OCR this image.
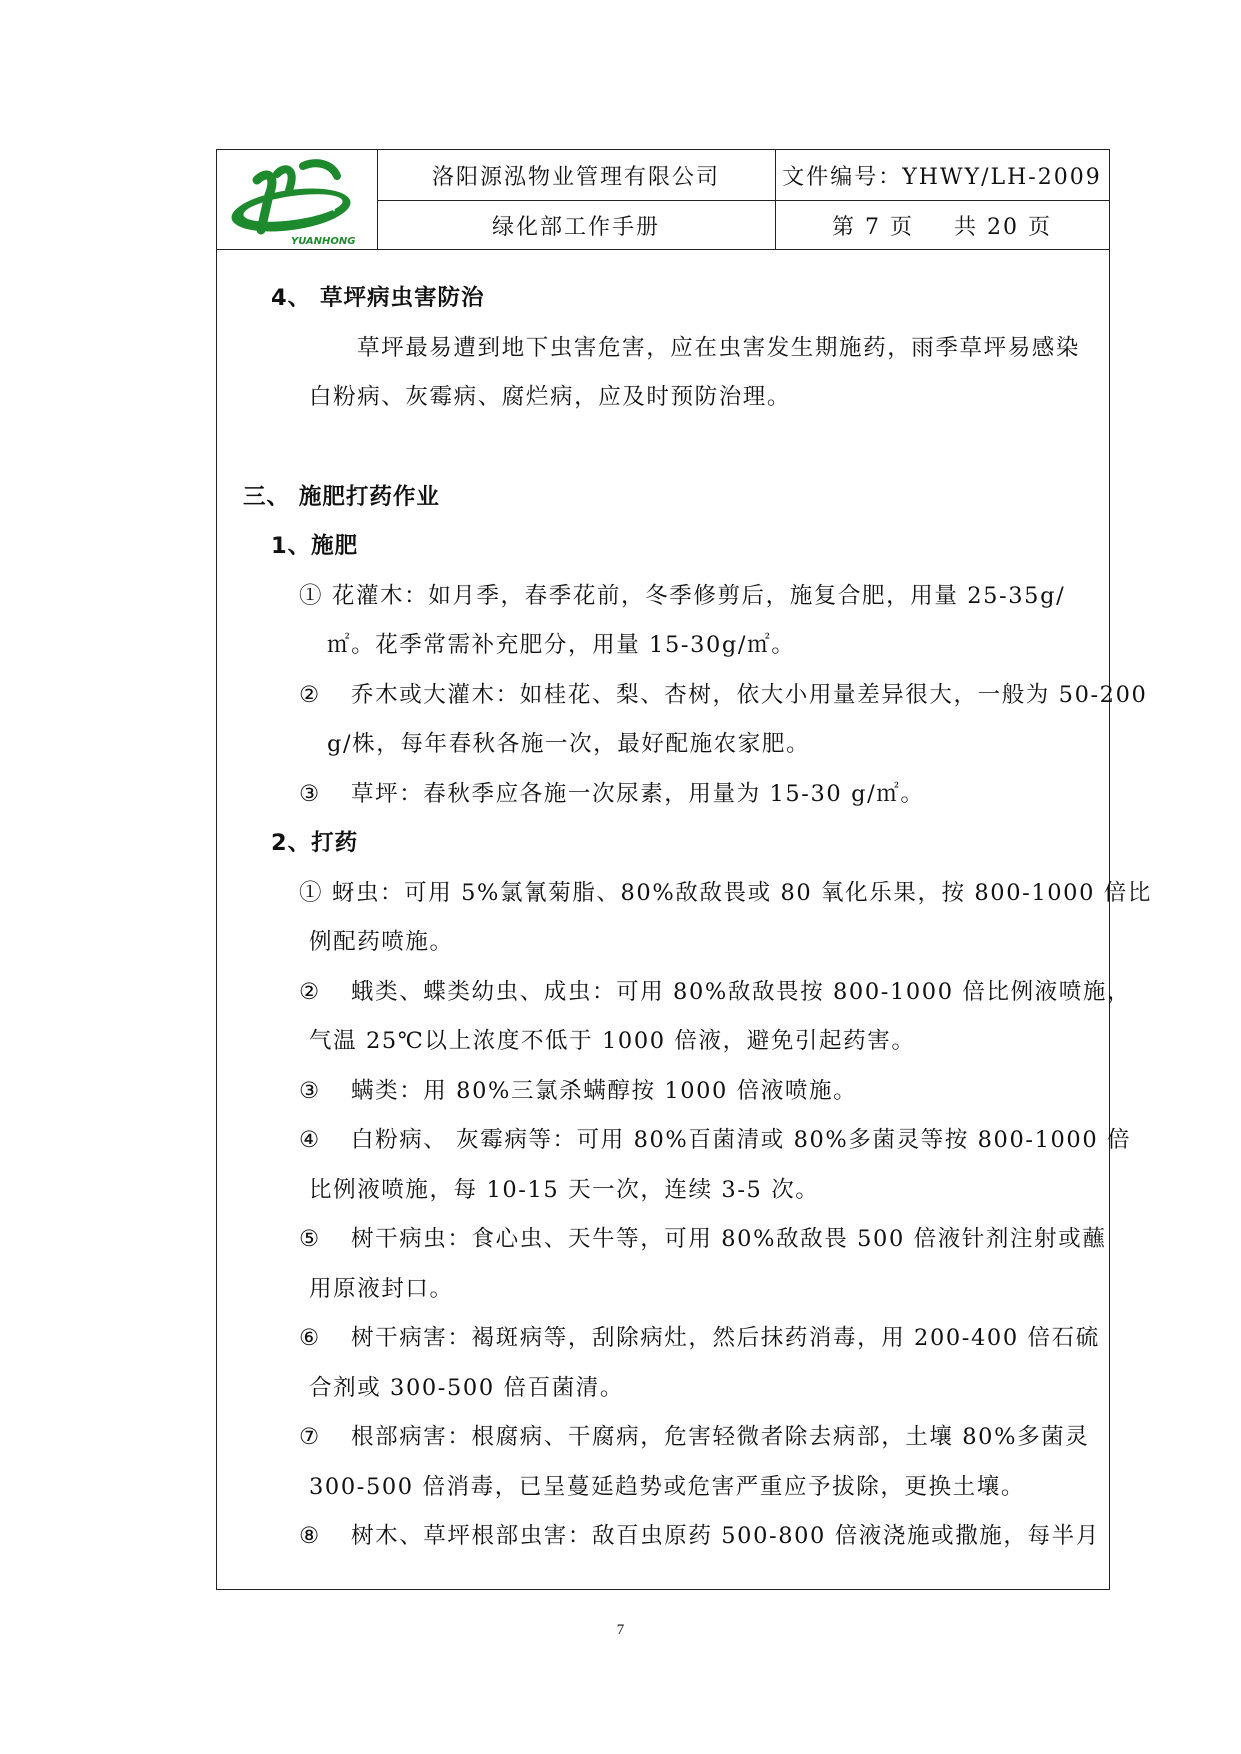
源泓
YUANHONG
洛阳源泓物业管理有限公司	文件编号：YHWY/LH-2009
绿化部工作手册	第 7 页 共 20 页
4、 草坪病虫害防治
草坪最易遭到地下虫害危害，应在虫害发生期施药，雨季草坪易感染
白粉病、灰霉病、腐烂病，应及时预防治理。
三、 施肥打药作业
1、施肥
① 花灌木：如月季，春季花前，冬季修剪后，施复合肥，用量 25-35g/
㎡。花季常需补充肥分，用量 15-30g/㎡。
② 乔木或大灌木：如桂花、梨、杏树，依大小用量差异很大，一般为 50-200
g/株，每年春秋各施一次，最好配施农家肥。
③ 草坪：春秋季应各施一次尿素，用量为 15-30 g/㎡。
2、打药
① 蚜虫：可用 5%氯氰菊脂、80%敌敌畏或 80 氧化乐果，按 800-1000 倍比
例配药喷施。
② 蛾类、蝶类幼虫、成虫：可用 80%敌敌畏按 800-1000 倍比例液喷施，
气温 25℃以上浓度不低于 1000 倍液，避免引起药害。
③ 螨类：用 80%三氯杀螨醇按 1000 倍液喷施。
④ 白粉病、 灰霉病等：可用 80%百菌清或 80%多菌灵等按 800-1000 倍
比例液喷施，每 10-15 天一次，连续 3-5 次。
⑤ 树干病虫：食心虫、天牛等，可用 80%敌敌畏 500 倍液针剂注射或蘸
用原液封口。
⑥ 树干病害：褐斑病等，刮除病灶，然后抹药消毒，用 200-400 倍石硫
合剂或 300-500 倍百菌清。
⑦ 根部病害：根腐病、干腐病，危害轻微者除去病部，土壤 80%多菌灵
300-500 倍消毒，已呈蔓延趋势或危害严重应予拔除，更换土壤。
⑧ 树木、草坪根部虫害：敌百虫原药 500-800 倍液浇施或撒施，每半月
7
